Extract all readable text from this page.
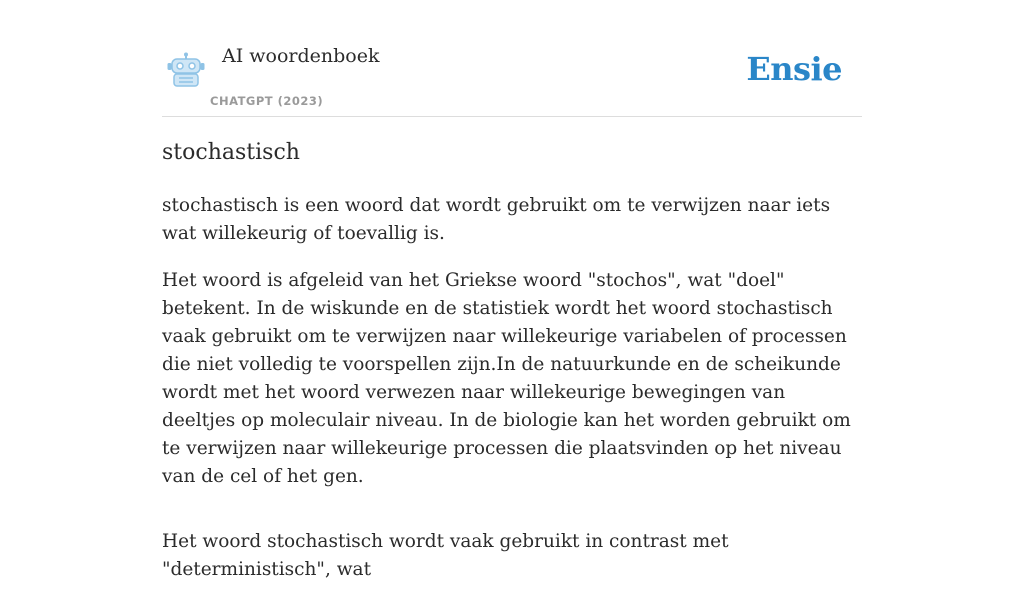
AI woordenboek
CHATGPT (2023)
Ensie
stochastisch

stochastisch is een woord dat wordt gebruikt om te verwijzen naar iets wat willekeurig of toevallig is.

Het woord is afgeleid van het Griekse woord "stochos", wat "doel" betekent. In de wiskunde en de statistiek wordt het woord stochastisch vaak gebruikt om te verwijzen naar willekeurige variabelen of processen die niet volledig te voorspellen zijn.In de natuurkunde en de scheikunde wordt met het woord verwezen naar willekeurige bewegingen van deeltjes op moleculair niveau. In de biologie kan het worden gebruikt om te verwijzen naar willekeurige processen die plaatsvinden op het niveau van de cel of het gen.

Het woord stochastisch wordt vaak gebruikt in contrast met "deterministisch", wat
